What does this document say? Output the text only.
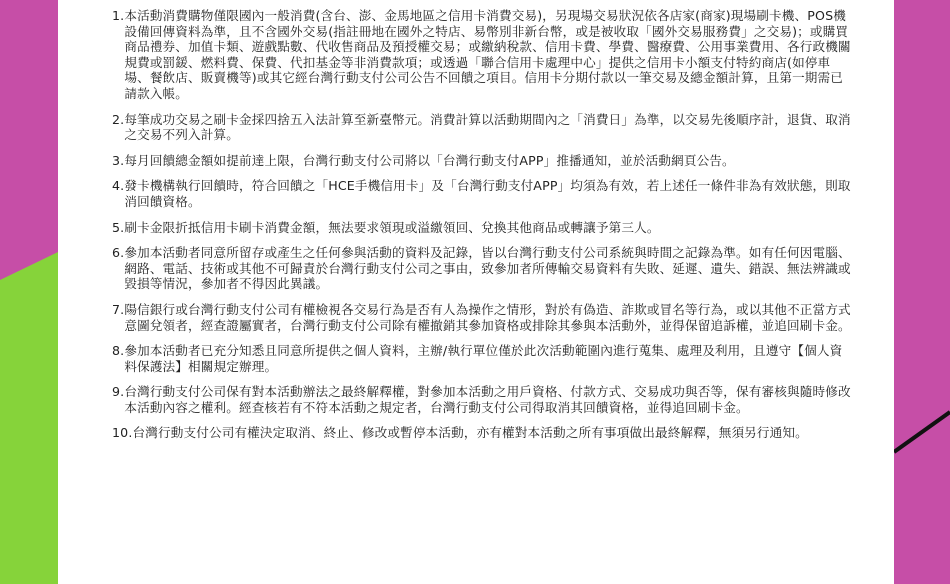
1. 本活動消費購物僅限國內一般消費(含台、澎、金馬地區之信用卡消費交易)，另現場交易狀況依各店家(商家)現場刷卡機、POS機設備回傳資料為準，且不含國外交易(指註冊地在國外之特店、易幣別非新台幣，或是被收取「國外交易服務費」之交易)；或購買商品禮券、加值卡類、遊戲點數、代收售商品及預授權交易；或繳納稅款、信用卡費、學費、醫療費、公用事業費用、各行政機關規費或罰鍰、燃料費、保費、代扣基金等非消費款項；或透過「聯合信用卡處理中心」提供之信用卡小額支付特約商店(如停車場、餐飲店、販賣機等)或其它經台灣行動支付公司公告不回饋之項目。信用卡分期付款以一筆交易及總金額計算，且第一期需已請款入帳。
2. 每筆成功交易之刷卡金採四捨五入法計算至新臺幣元。消費計算以活動期間內之「消費日」為準，以交易先後順序計，退貨、取消之交易不列入計算。
3. 每月回饋總金額如提前達上限，台灣行動支付公司將以「台灣行動支付APP」推播通知，並於活動網頁公告。
4. 發卡機構執行回饋時，符合回饋之「HCE手機信用卡」及「台灣行動支付APP」均須為有效，若上述任一條件非為有效狀態，則取消回饋資格。
5. 刷卡金限折抵信用卡刷卡消費金額，無法要求領現或溢繳領回、兌換其他商品或轉讓予第三人。
6. 參加本活動者同意所留存或產生之任何參與活動的資料及記錄，皆以台灣行動支付公司系統與時間之記錄為準。如有任何因電腦、網路、電話、技術或其他不可歸責於台灣行動支付公司之事由，致參加者所傳輸交易資料有失敗、延遲、遺失、錯誤、無法辨識或毀損等情況，參加者不得因此異議。
7. 陽信銀行或台灣行動支付公司有權檢視各交易行為是否有人為操作之情形，對於有偽造、詐欺或冒名等行為，或以其他不正當方式意圖兌領者，經查證屬實者，台灣行動支付公司除有權撤銷其參加資格或排除其參與本活動外，並得保留追訴權，並追回刷卡金。
8. 參加本活動者已充分知悉且同意所提供之個人資料，主辦/執行單位僅於此次活動範圍內進行蒐集、處理及利用，且遵守【個人資料保護法】相關規定辦理。
9. 台灣行動支付公司保有對本活動辦法之最終解釋權，對參加本活動之用戶資格、付款方式、交易成功與否等，保有審核與隨時修改本活動內容之權利。經查核若有不符本活動之規定者，台灣行動支付公司得取消其回饋資格，並得追回刷卡金。
10. 台灣行動支付公司有權決定取消、終止、修改或暫停本活動，亦有權對本活動之所有事項做出最終解釋，無須另行通知。
